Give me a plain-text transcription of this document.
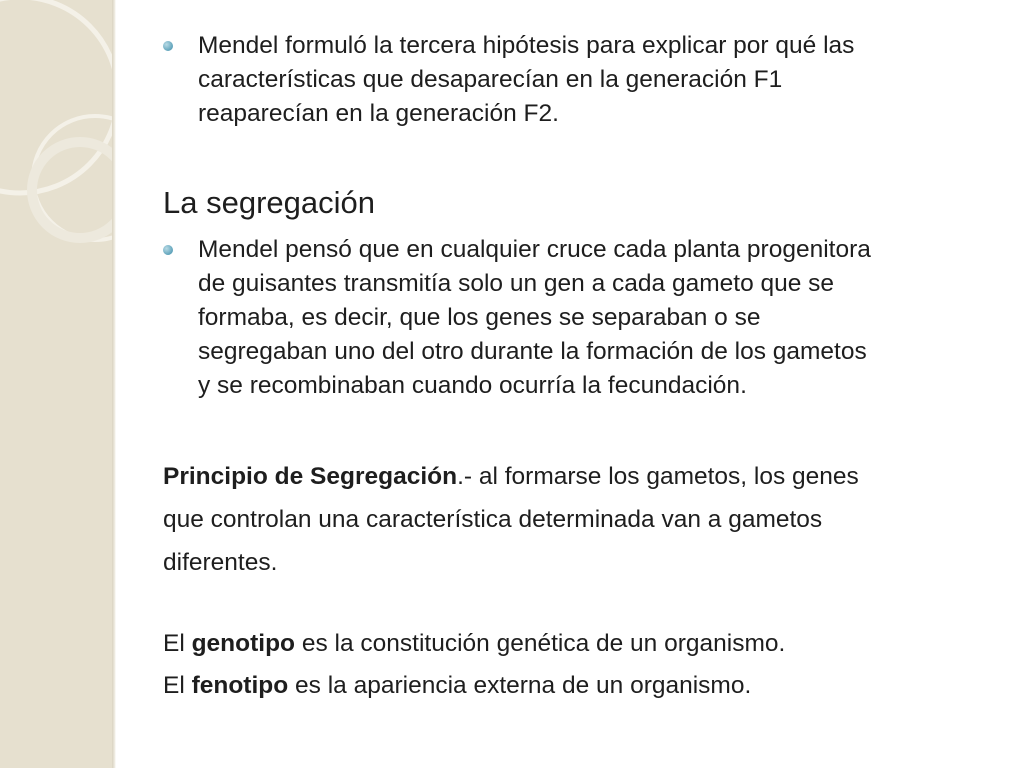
Mendel formuló la tercera hipótesis para explicar por qué las
características que desaparecían en la generación F1
reaparecían en la generación F2.
La segregación
Mendel pensó que en cualquier cruce cada planta progenitora
de guisantes transmitía solo un gen a cada gameto que se
formaba, es decir, que los genes se separaban o se
segregaban uno del otro durante la formación de los gametos
y se recombinaban cuando ocurría la fecundación.
Principio de Segregación.- al formarse los gametos, los genes
que controlan una característica determinada van a gametos
diferentes.
El genotipo es la constitución genética de un organismo.
El fenotipo es la apariencia externa de un organismo.
